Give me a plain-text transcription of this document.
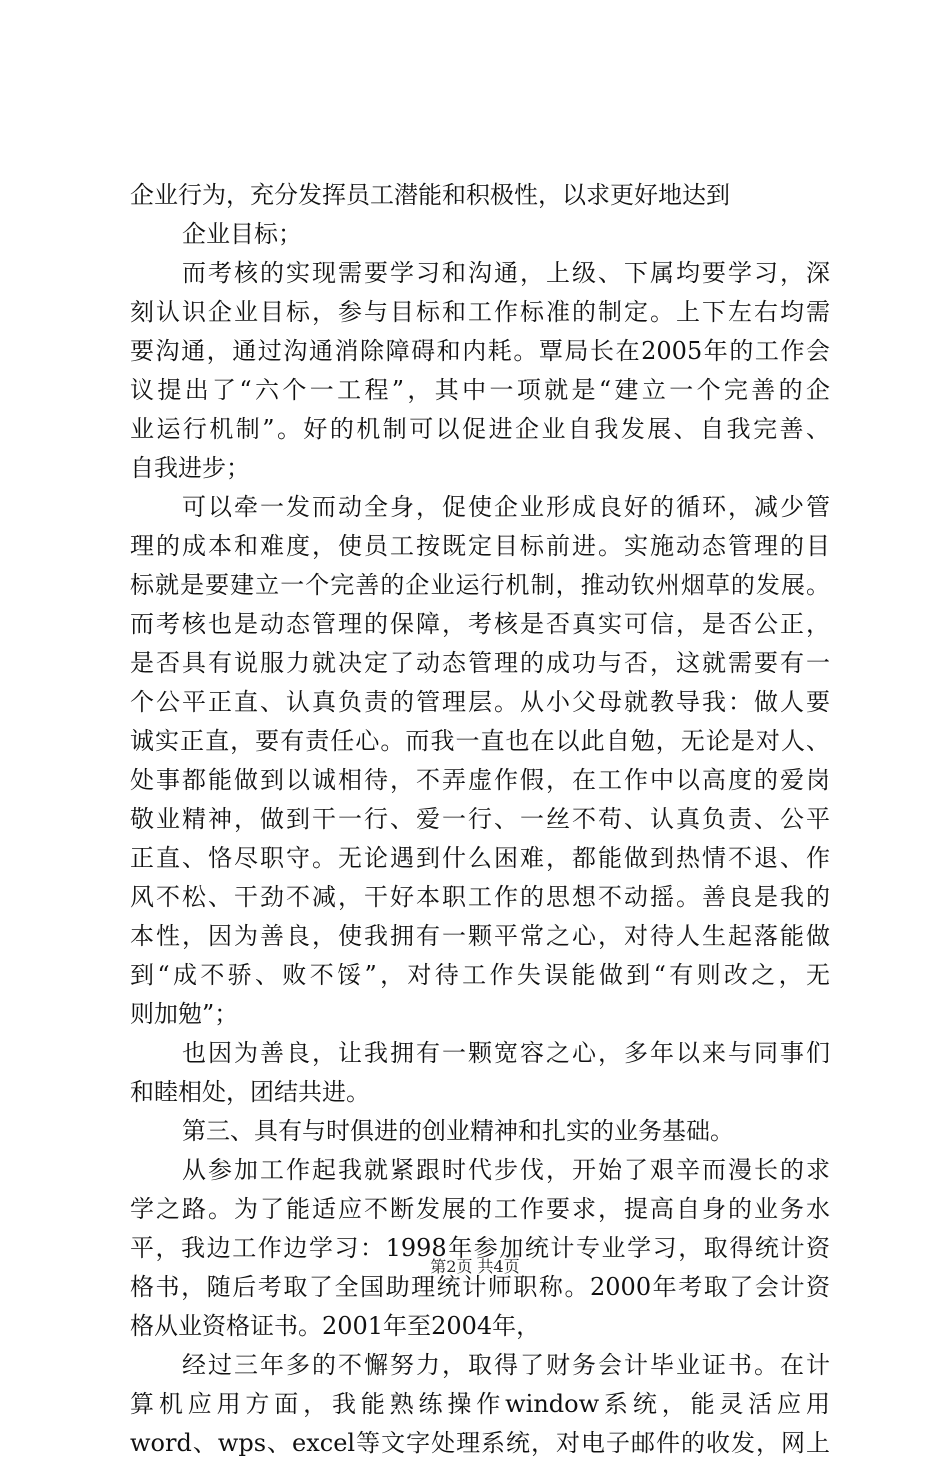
企业行为，充分发挥员工潜能和积极性，以求更好地达到
企业目标；
而考核的实现需要学习和沟通，上级、下属均要学习，深
刻认识企业目标，参与目标和工作标准的制定。上下左右均需
要沟通，通过沟通消除障碍和内耗。覃局长在2005年的工作会
议提出了“六个一工程”，其中一项就是“建立一个完善的企
业运行机制”。好的机制可以促进企业自我发展、自我完善、
自我进步；
可以牵一发而动全身，促使企业形成良好的循环，减少管
理的成本和难度，使员工按既定目标前进。实施动态管理的目
标就是要建立一个完善的企业运行机制，推动钦州烟草的发展。
而考核也是动态管理的保障，考核是否真实可信，是否公正，
是否具有说服力就决定了动态管理的成功与否，这就需要有一
个公平正直、认真负责的管理层。从小父母就教导我：做人要
诚实正直，要有责任心。而我一直也在以此自勉，无论是对人、
处事都能做到以诚相待，不弄虚作假，在工作中以高度的爱岗
敬业精神，做到干一行、爱一行、一丝不苟、认真负责、公平
正直、恪尽职守。无论遇到什么困难，都能做到热情不退、作
风不松、干劲不减，干好本职工作的思想不动摇。善良是我的
本性，因为善良，使我拥有一颗平常之心，对待人生起落能做
到“成不骄、败不馁”，对待工作失误能做到“有则改之，无
则加勉”；
也因为善良，让我拥有一颗宽容之心，多年以来与同事们
和睦相处，团结共进。
第三、具有与时俱进的创业精神和扎实的业务基础。
从参加工作起我就紧跟时代步伐，开始了艰辛而漫长的求
学之路。为了能适应不断发展的工作要求，提高自身的业务水
平，我边工作边学习：1998年参加统计专业学习，取得统计资
格书，随后考取了全国助理统计师职称。2000年考取了会计资
格从业资格证书。2001年至2004年，
经过三年多的不懈努力，取得了财务会计毕业证书。在计
算机应用方面，我能熟练操作window系统，能灵活应用
word、wps、excel等文字处理系统，对电子邮件的收发，网上
第2页 共4页
